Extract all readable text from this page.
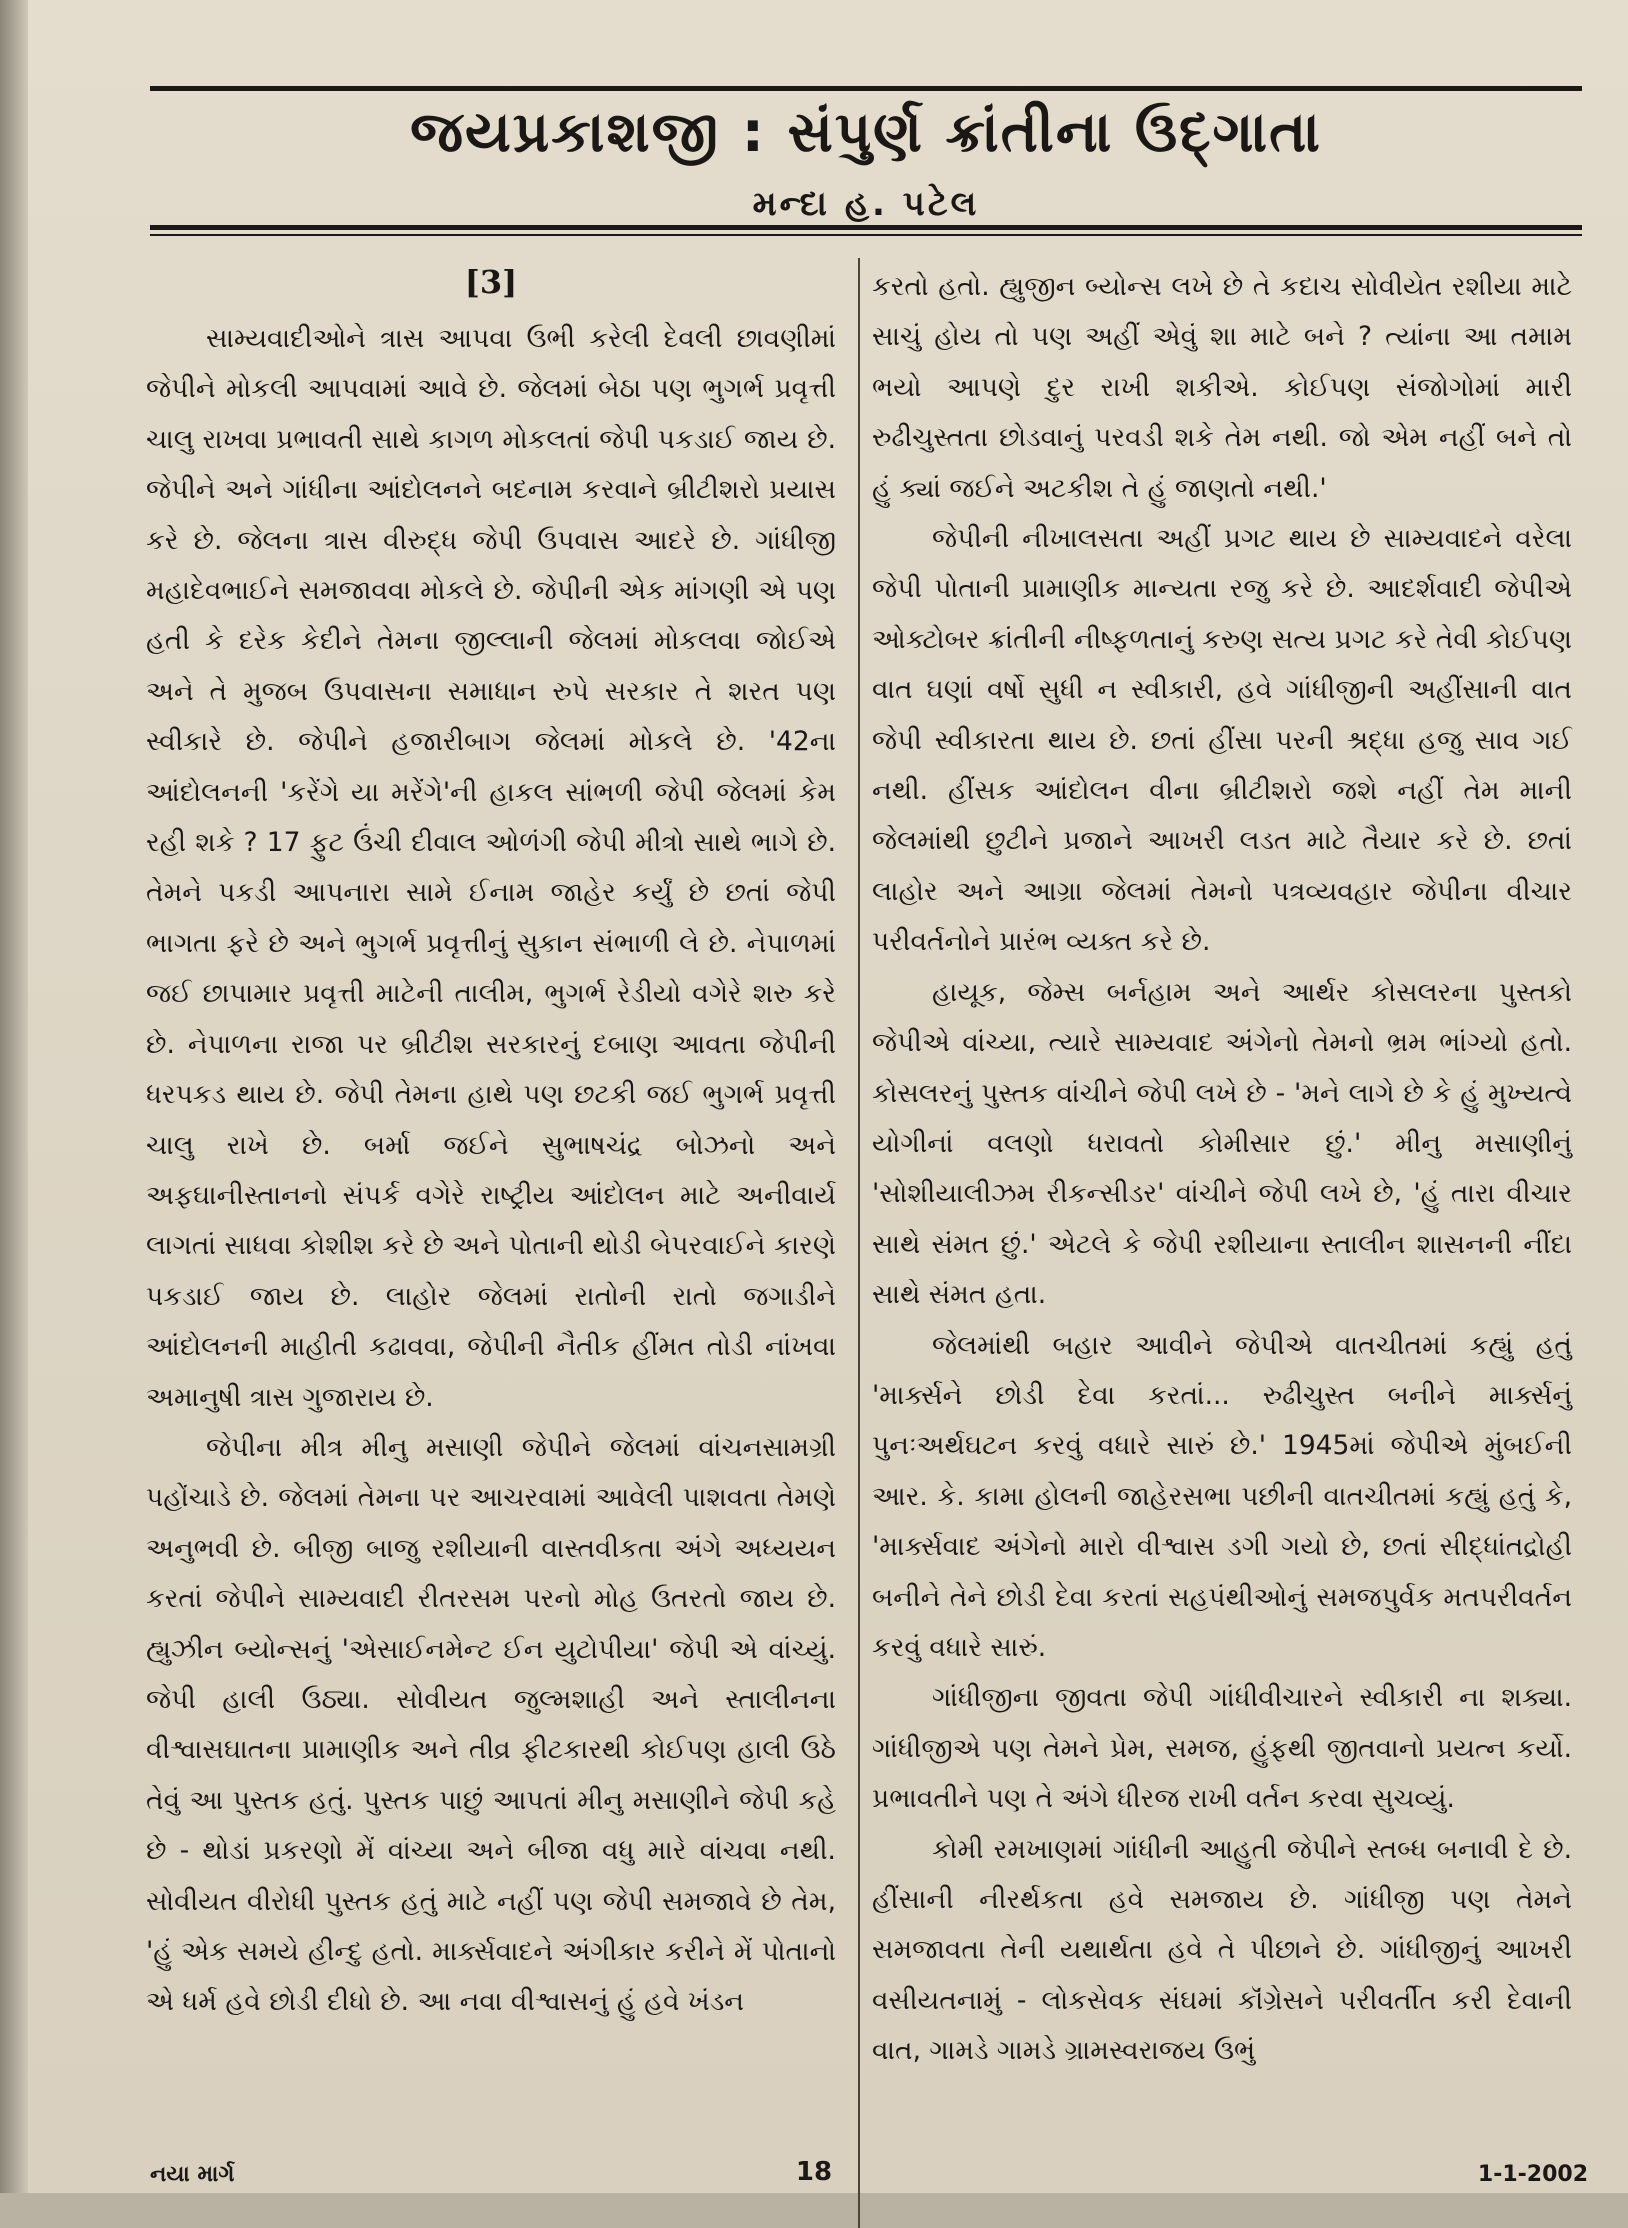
જયપ્રકાશજી : સંપુર્ણ ક્રાંતીના ઉદ્‌ગાતા
મન્દા હ. પટેલ
[3]

સામ્યવાદીઓને ત્રાસ આપવા ઉભી કરેલી દેવલી છાવણીમાં જેપીને મોકલી આપવામાં આવે છે. જેલમાં બેઠા પણ ભુગર્ભ પ્રવૃત્તી ચાલુ રાખવા પ્રભાવતી સાથે કાગળ મોકલતાં જેપી પકડાઈ જાય છે. જેપીને અને ગાંધીના આંદોલનને બદનામ કરવાને બ્રીટીશરો પ્રયાસ કરે છે. જેલના ત્રાસ વીરુદ્ધ જેપી ઉપવાસ આદરે છે. ગાંધીજી મહાદેવભાઈને સમજાવવા મોકલે છે. જેપીની એક માંગણી એ પણ હતી કે દરેક કેદીને તેમના જીલ્લાની જેલમાં મોકલવા જોઈએ અને તે મુજબ ઉપવાસના સમાધાન રુપે સરકાર તે શરત પણ સ્વીકારે છે. જેપીને હજારીબાગ જેલમાં મોકલે છે. '42ના આંદોલનની 'કરેંગે યા મરેંગે'ની હાકલ સાંભળી જેપી જેલમાં કેમ રહી શકે ? 17 ફુટ ઉંચી દીવાલ ઓળંગી જેપી મીત્રો સાથે ભાગે છે. તેમને પકડી આપનારા સામે ઈનામ જાહેર કર્યું છે છતાં જેપી ભાગતા ફરે છે અને ભુગર્ભ પ્રવૃત્તીનું સુકાન સંભાળી લે છે. નેપાળમાં જઈ છાપામાર પ્રવૃત્તી માટેની તાલીમ, ભુગર્ભ રેડીયો વગેરે શરુ કરે છે. નેપાળના રાજા પર બ્રીટીશ સરકારનું દબાણ આવતા જેપીની ધરપકડ થાય છે. જેપી તેમના હાથે પણ છટકી જઈ ભુગર્ભ પ્રવૃત્તી ચાલુ રાખે છે. બર્મા જઈને સુભાષચંદ્ર બોઝનો અને અફઘાનીસ્તાનનો સંપર્ક વગેરે રાષ્ટ્રીય આંદોલન માટે અનીવાર્ય લાગતાં સાધવા કોશીશ કરે છે અને પોતાની થોડી બેપરવાઈને કારણે પકડાઈ જાય છે. લાહોર જેલમાં રાતોની રાતો જગાડીને આંદોલનની માહીતી કઢાવવા, જેપીની નૈતીક હીંમત તોડી નાંખવા અમાનુષી ત્રાસ ગુજારાય છે.

જેપીના મીત્ર મીનુ મસાણી જેપીને જેલમાં વાંચનસામગ્રી પહોંચાડે છે. જેલમાં તેમના પર આચરવામાં આવેલી પાશવતા તેમણે અનુભવી છે. બીજી બાજુ રશીયાની વાસ્તવીકતા અંગે અધ્યયન કરતાં જેપીને સામ્યવાદી રીતરસમ પરનો મોહ ઉતરતો જાય છે. હ્યુઝીન બ્યોન્સનું 'એસાઈનમેન્ટ ઈન યુટોપીયા' જેપી એ વાંચ્યું. જેપી હાલી ઉઠ્યા. સોવીયત જુલ્મશાહી અને સ્તાલીનના વીશ્વાસઘાતના પ્રામાણીક અને તીવ્ર ફીટકારથી કોઈપણ હાલી ઉઠે તેવું આ પુસ્તક હતું. પુસ્તક પાછું આપતાં મીનુ મસાણીને જેપી કહે છે - થોડાં પ્રકરણો મેં વાંચ્યા અને બીજા વધુ મારે વાંચવા નથી. સોવીયત વીરોધી પુસ્તક હતું માટે નહીં પણ જેપી સમજાવે છે તેમ, 'હું એક સમયે હીન્દુ હતો. માર્ક્સવાદને અંગીકાર કરીને મેં પોતાનો એ ધર્મ હવે છોડી દીધો છે. આ નવા વીશ્વાસનું હું હવે ખંડન

કરતો હતો. હ્યુજીન બ્યોન્સ લખે છે તે કદાચ સોવીયેત રશીયા માટે સાચું હોય તો પણ અહીં એવું શા માટે બને ? ત્યાંના આ તમામ ભયો આપણે દુર રાખી શકીએ. કોઈપણ સંજોગોમાં મારી રુઢીચુસ્તતા છોડવાનું પરવડી શકે તેમ નથી. જો એમ નહીં બને તો હું ક્યાં જઈને અટકીશ તે હું જાણતો નથી.'

જેપીની નીખાલસતા અહીં પ્રગટ થાય છે સામ્યવાદને વરેલા જેપી પોતાની પ્રામાણીક માન્યતા રજુ કરે છે. આદર્શવાદી જેપીએ ઓક્ટોબર ક્રાંતીની નીષ્ફળતાનું કરુણ સત્ય પ્રગટ કરે તેવી કોઈપણ વાત ઘણાં વર્ષો સુધી ન સ્વીકારી, હવે ગાંધીજીની અહીંસાની વાત જેપી સ્વીકારતા થાય છે. છતાં હીંસા પરની શ્રદ્ધા હજુ સાવ ગઈ નથી. હીંસક આંદોલન વીના બ્રીટીશરો જશે નહીં તેમ માની જેલમાંથી છુટીને પ્રજાને આખરી લડત માટે તૈયાર કરે છે. છતાં લાહોર અને આગ્રા જેલમાં તેમનો પત્રવ્યવહાર જેપીના વીચાર પરીવર્તનોને પ્રારંભ વ્યક્ત કરે છે.

હાયૂક, જેમ્સ બર્નહામ અને આર્થર કોસલરના પુસ્તકો જેપીએ વાંચ્યા, ત્યારે સામ્યવાદ અંગેનો તેમનો ભ્રમ ભાંગ્યો હતો. કોસલરનું પુસ્તક વાંચીને જેપી લખે છે - 'મને લાગે છે કે હું મુખ્યત્વે યોગીનાં વલણો ધરાવતો કોમીસાર છું.' મીનુ મસાણીનું 'સોશીયાલીઝમ રીકન્સીડર' વાંચીને જેપી લખે છે, 'હું તારા વીચાર સાથે સંમત છું.' એટલે કે જેપી રશીયાના સ્તાલીન શાસનની નીંદા સાથે સંમત હતા.

જેલમાંથી બહાર આવીને જેપીએ વાતચીતમાં કહ્યું હતું 'માર્ક્સને છોડી દેવા કરતાં... રુઢીચુસ્ત બનીને માર્ક્સનું પુનઃઅર્થઘટન કરવું વધારે સારું છે.' 1945માં જેપીએ મુંબઈની આર. કે. કામા હોલની જાહેરસભા પછીની વાતચીતમાં કહ્યું હતું કે, 'માર્ક્સવાદ અંગેનો મારો વીશ્વાસ ડગી ગયો છે, છતાં સીદ્ધાંતદ્રોહી બનીને તેને છોડી દેવા કરતાં સહપંથીઓનું સમજપુર્વક મતપરીવર્તન કરવું વધારે સારું.

ગાંધીજીના જીવતા જેપી ગાંધીવીચારને સ્વીકારી ના શક્યા. ગાંધીજીએ પણ તેમને પ્રેમ, સમજ, હુંફથી જીતવાનો પ્રયત્ન કર્યો. પ્રભાવતીને પણ તે અંગે ધીરજ રાખી વર્તન કરવા સુચવ્યું.

કોમી રમખાણમાં ગાંધીની આહુતી જેપીને સ્તબ્ધ બનાવી દે છે. હીંસાની નીરર્થકતા હવે સમજાય છે. ગાંધીજી પણ તેમને સમજાવતા તેની યથાર્થતા હવે તે પીછાને છે. ગાંધીજીનું આખરી વસીયતનામું - લોકસેવક સંઘમાં કૉંગ્રેસને પરીવર્તીત કરી દેવાની વાત, ગામડે ગામડે ગ્રામસ્વરાજય ઉભું

નયા માર્ગ	18	1-1-2002
